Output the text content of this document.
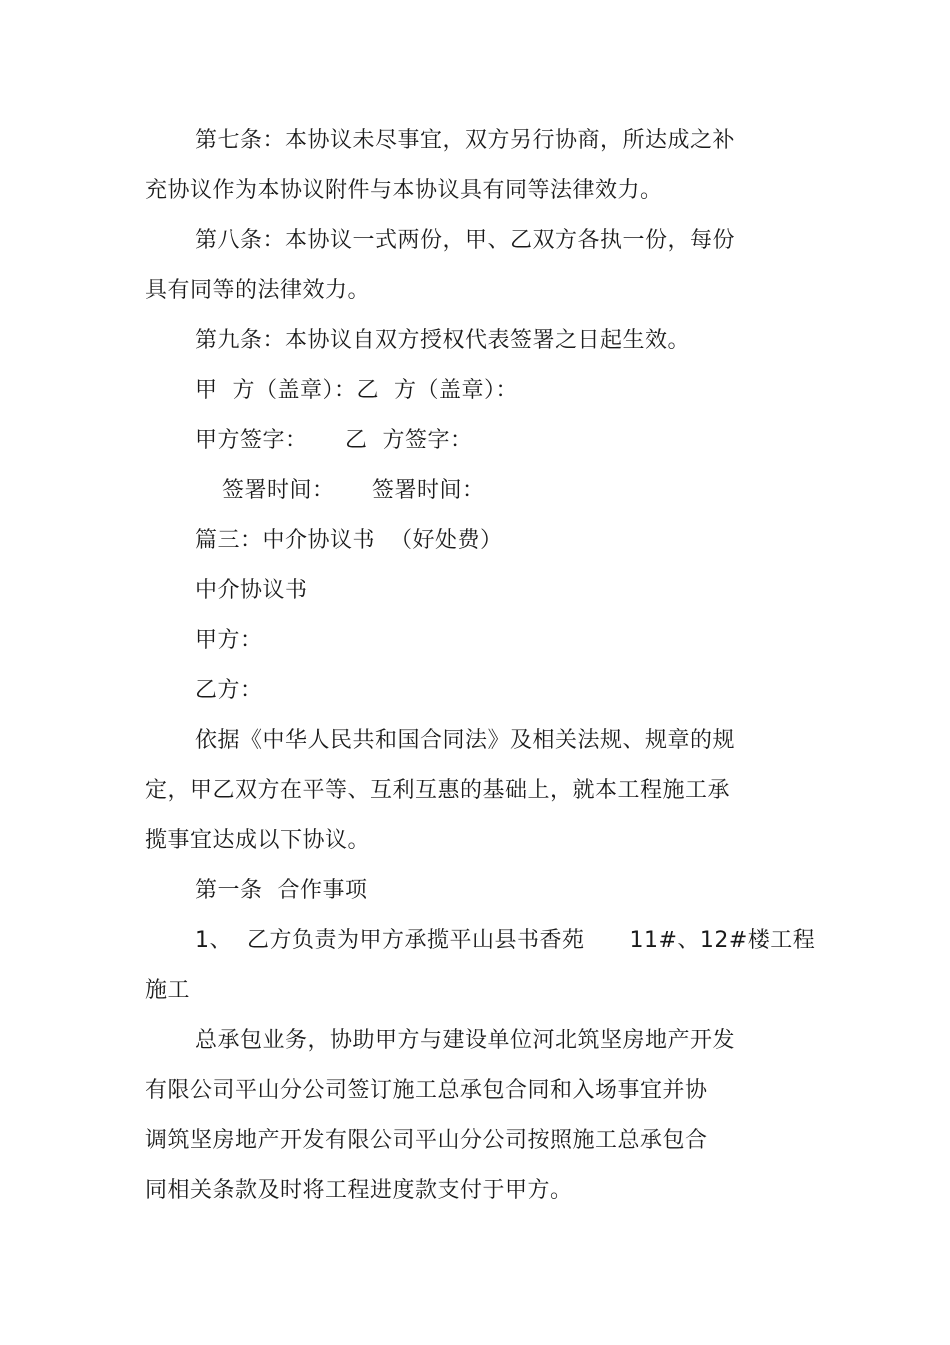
第七条：本协议未尽事宜，双方另行协商，所达成之补
充协议作为本协议附件与本协议具有同等法律效力。
第八条：本协议一式两份，甲、乙双方各执一份，每份
具有同等的法律效力。
第九条：本协议自双方授权代表签署之日起生效。
甲  方（盖章）：乙  方（盖章）：
甲方签字：     乙  方签字：
签署时间：     签署时间：
篇三：中介协议书  （好处费）
中介协议书
甲方：
乙方：
依据《中华人民共和国合同法》及相关法规、规章的规
定，甲乙双方在平等、互利互惠的基础上，就本工程施工承
揽事宜达成以下协议。
第一条  合作事项
1、  乙方负责为甲方承揽平山县书香苑      11#、12#楼工程
施工
总承包业务，协助甲方与建设单位河北筑坚房地产开发
有限公司平山分公司签订施工总承包合同和入场事宜并协
调筑坚房地产开发有限公司平山分公司按照施工总承包合
同相关条款及时将工程进度款支付于甲方。
